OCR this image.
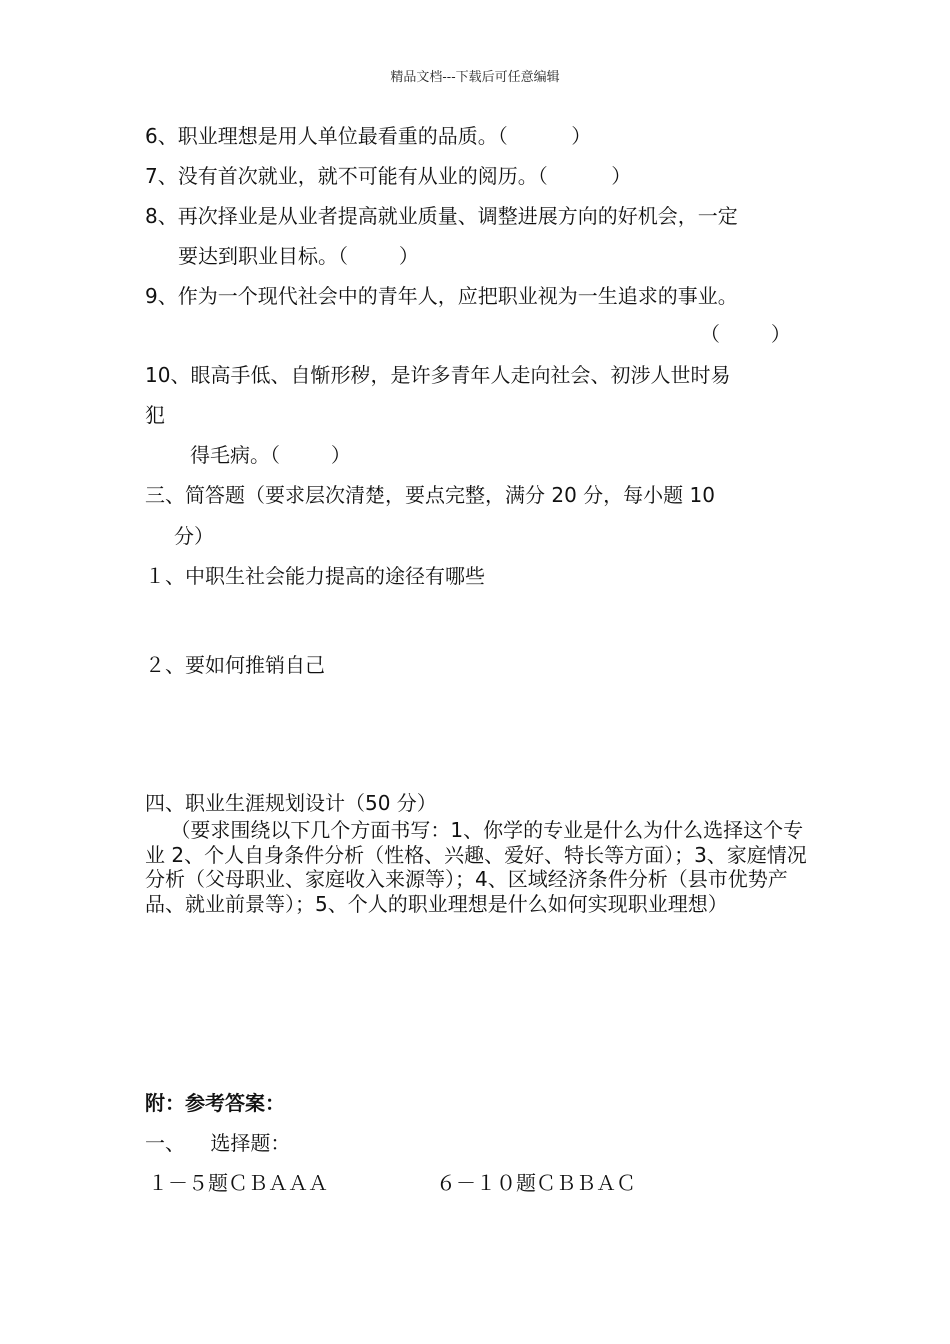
精品文档---下载后可任意编辑
6、职业理想是用人单位最看重的品质。（          ）
7、没有首次就业，就不可能有从业的阅历。（          ）
8、再次择业是从业者提高就业质量、调整进展方向的好机会，一定
要达到职业目标。（        ）
9、作为一个现代社会中的青年人，应把职业视为一生追求的事业。
（        ）
10、眼高手低、自惭形秽，是许多青年人走向社会、初涉人世时易
犯
得毛病。（        ）
三、简答题（要求层次清楚，要点完整，满分 20 分，每小题 10
分）
１、中职生社会能力提高的途径有哪些
２、要如何推销自己
四、职业生涯规划设计（50 分）
（要求围绕以下几个方面书写：1、你学的专业是什么为什么选择这个专业 2、个人自身条件分析（性格、兴趣、爱好、特长等方面）；3、家庭情况分析（父母职业、家庭收入来源等）；4、区域经济条件分析（县市优势产品、就业前景等）；5、个人的职业理想是什么如何实现职业理想）
附：参考答案：
一、    选择题：
１－５题ＣＢＡＡＡ	６－１０题ＣＢＢＡＣ
